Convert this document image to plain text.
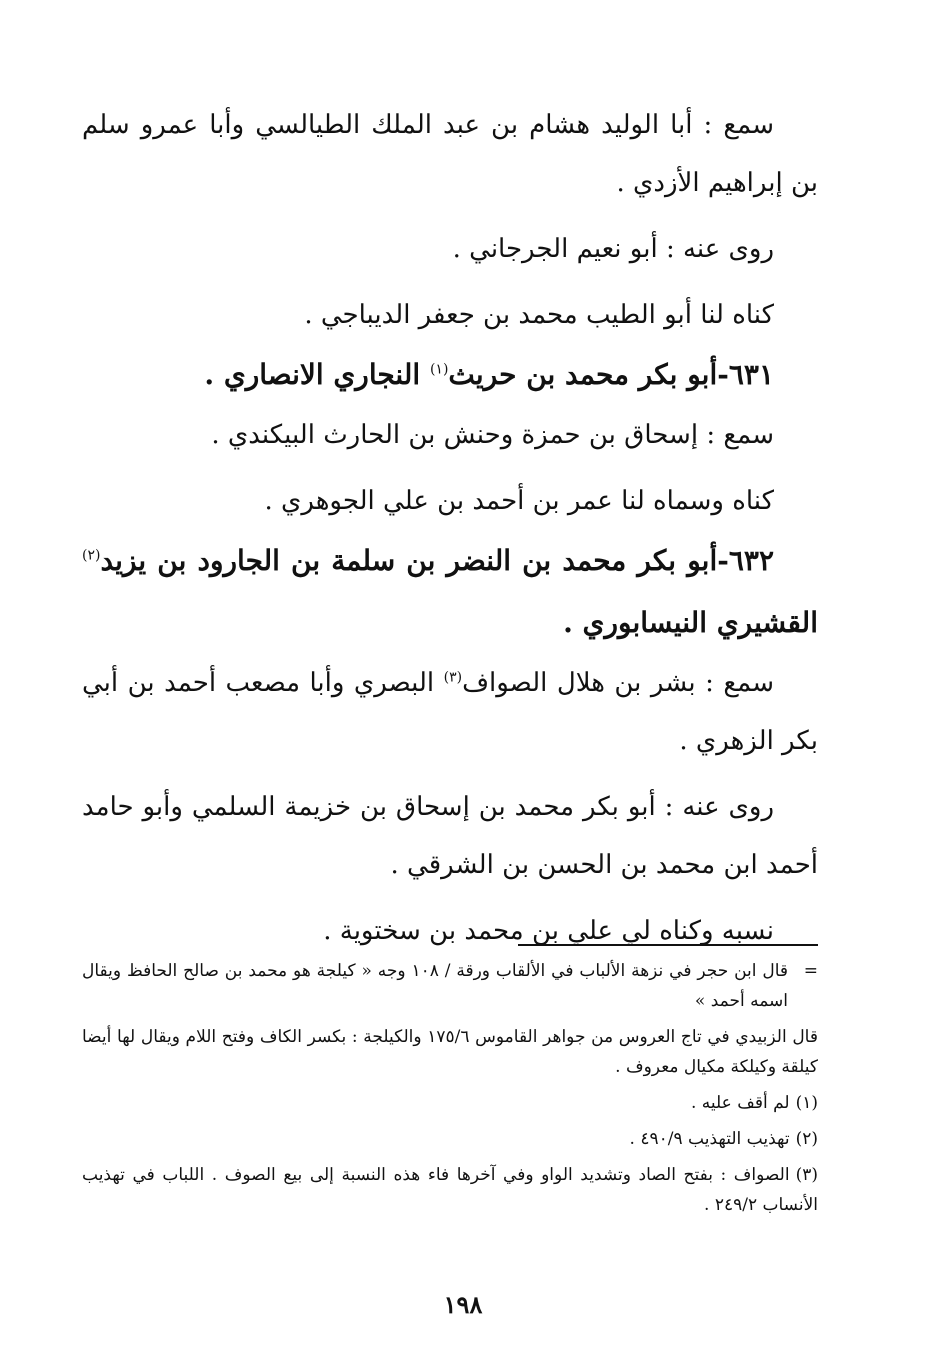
سمع : أبا الوليد هشام بن عبد الملك الطيالسي وأبا عمرو سلم بن إبراهيم الأزدي .

روى عنه : أبو نعيم الجرجاني .

كناه لنا أبو الطيب محمد بن جعفر الديباجي .

٦٣١-أبو بكر محمد بن حريث$^{(١)}$ النجاري الانصاري .

سمع : إسحاق بن حمزة وحنش بن الحارث البيكندي .

كناه وسماه لنا عمر بن أحمد بن علي الجوهري .

٦٣٢-أبو بكر محمد بن النضر بن سلمة بن الجارود بن يزيد$^{(٢)}$ القشيري النيسابوري .

سمع : بشر بن هلال الصواف$^{(٣)}$ البصري وأبا مصعب أحمد بن أبي بكر الزهري .

روى عنه : أبو بكر محمد بن إسحاق بن خزيمة السلمي وأبو حامد أحمد ابن محمد بن الحسن بن الشرقي .

نسبه وكناه لي علي بن محمد بن سختوية .

=
قال ابن حجر في نزهة الألباب في الألقاب ورقة / ١٠٨ وجه « كيلجة هو محمد بن صالح الحافظ ويقال اسمه أحمد »

قال الزبيدي في تاج العروس من جواهر القاموس ١٧٥/٦ والكيلجة : بكسر الكاف وفتح اللام ويقال لها أيضا كيلقة وكيلكة مكيال معروف .

(١)لم أقف عليه .

(٢)تهذيب التهذيب ٤٩٠/٩ .

(٣)الصواف : بفتح الصاد وتشديد الواو وفي آخرها فاء هذه النسبة إلى بيع الصوف . اللباب في تهذيب الأنساب ٢٤٩/٢ .

١٩٨
